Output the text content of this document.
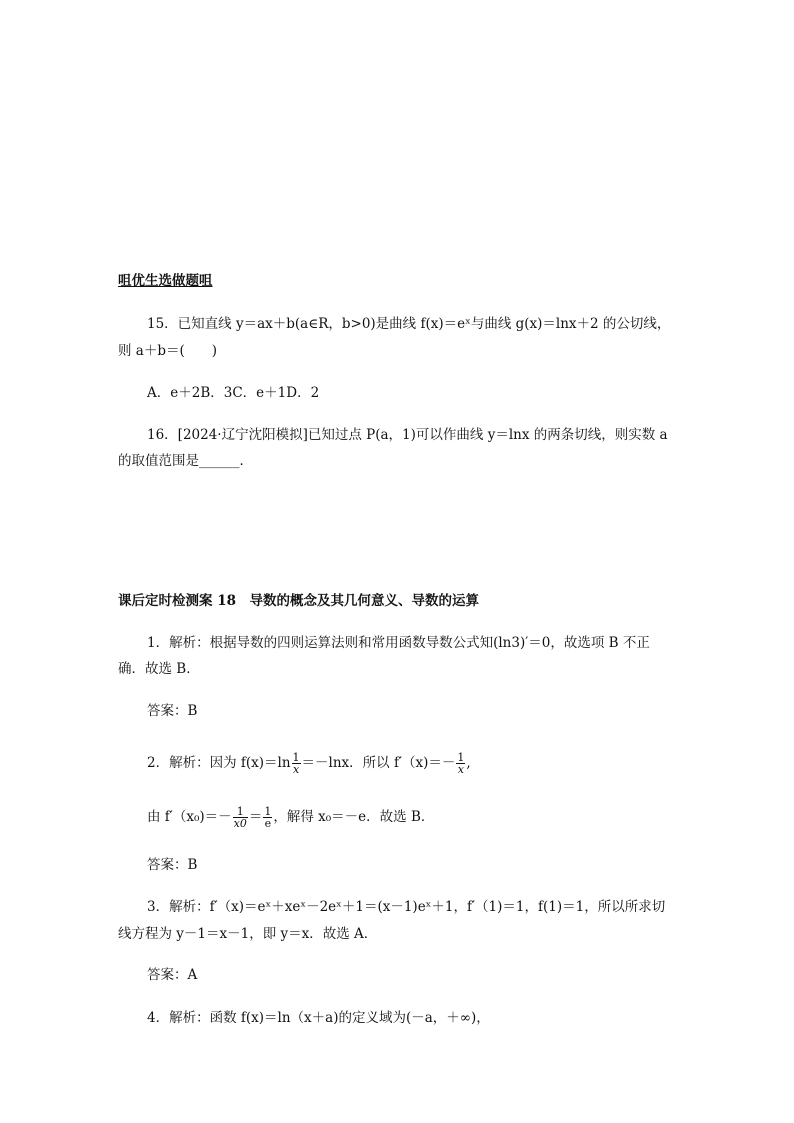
咀优生选做题咀
15．已知直线 y＝ax＋b(a∈R，b>0)是曲线 f(x)＝eˣ与曲线 g(x)＝lnx＋2 的公切线，
则 a＋b＝(　　)
A．e＋2B．3C．e＋1D．2
16．[2024·辽宁沈阳模拟]已知过点 P(a，1)可以作曲线 y＝lnx 的两条切线，则实数 a
的取值范围是______．
课后定时检测案 18　导数的概念及其几何意义、导数的运算
1．解析：根据导数的四则运算法则和常用函数导数公式知(ln3)′＝0，故选项 B 不正
确．故选 B．
答案：B
2．解析：因为 $f(x)=\ln \frac{1}{x} =-\ln x$．所以 $f'(x)=- \frac{1}{x}$ ,
由 $f'(x_0)=- \frac{1}{x0} = \frac{1}{e}$ ，解得 x₀＝－e．故选 B．
答案：B
3．解析：f′（x)＝eˣ＋xeˣ－2eˣ＋1＝(x－1)eˣ＋1，f′（1)＝1，f(1)＝1，所以所求切
线方程为 y－1＝x－1，即 y＝x．故选 A．
答案：A
4．解析：函数 f(x)＝ln（x＋a)的定义域为(－a，＋∞)，
